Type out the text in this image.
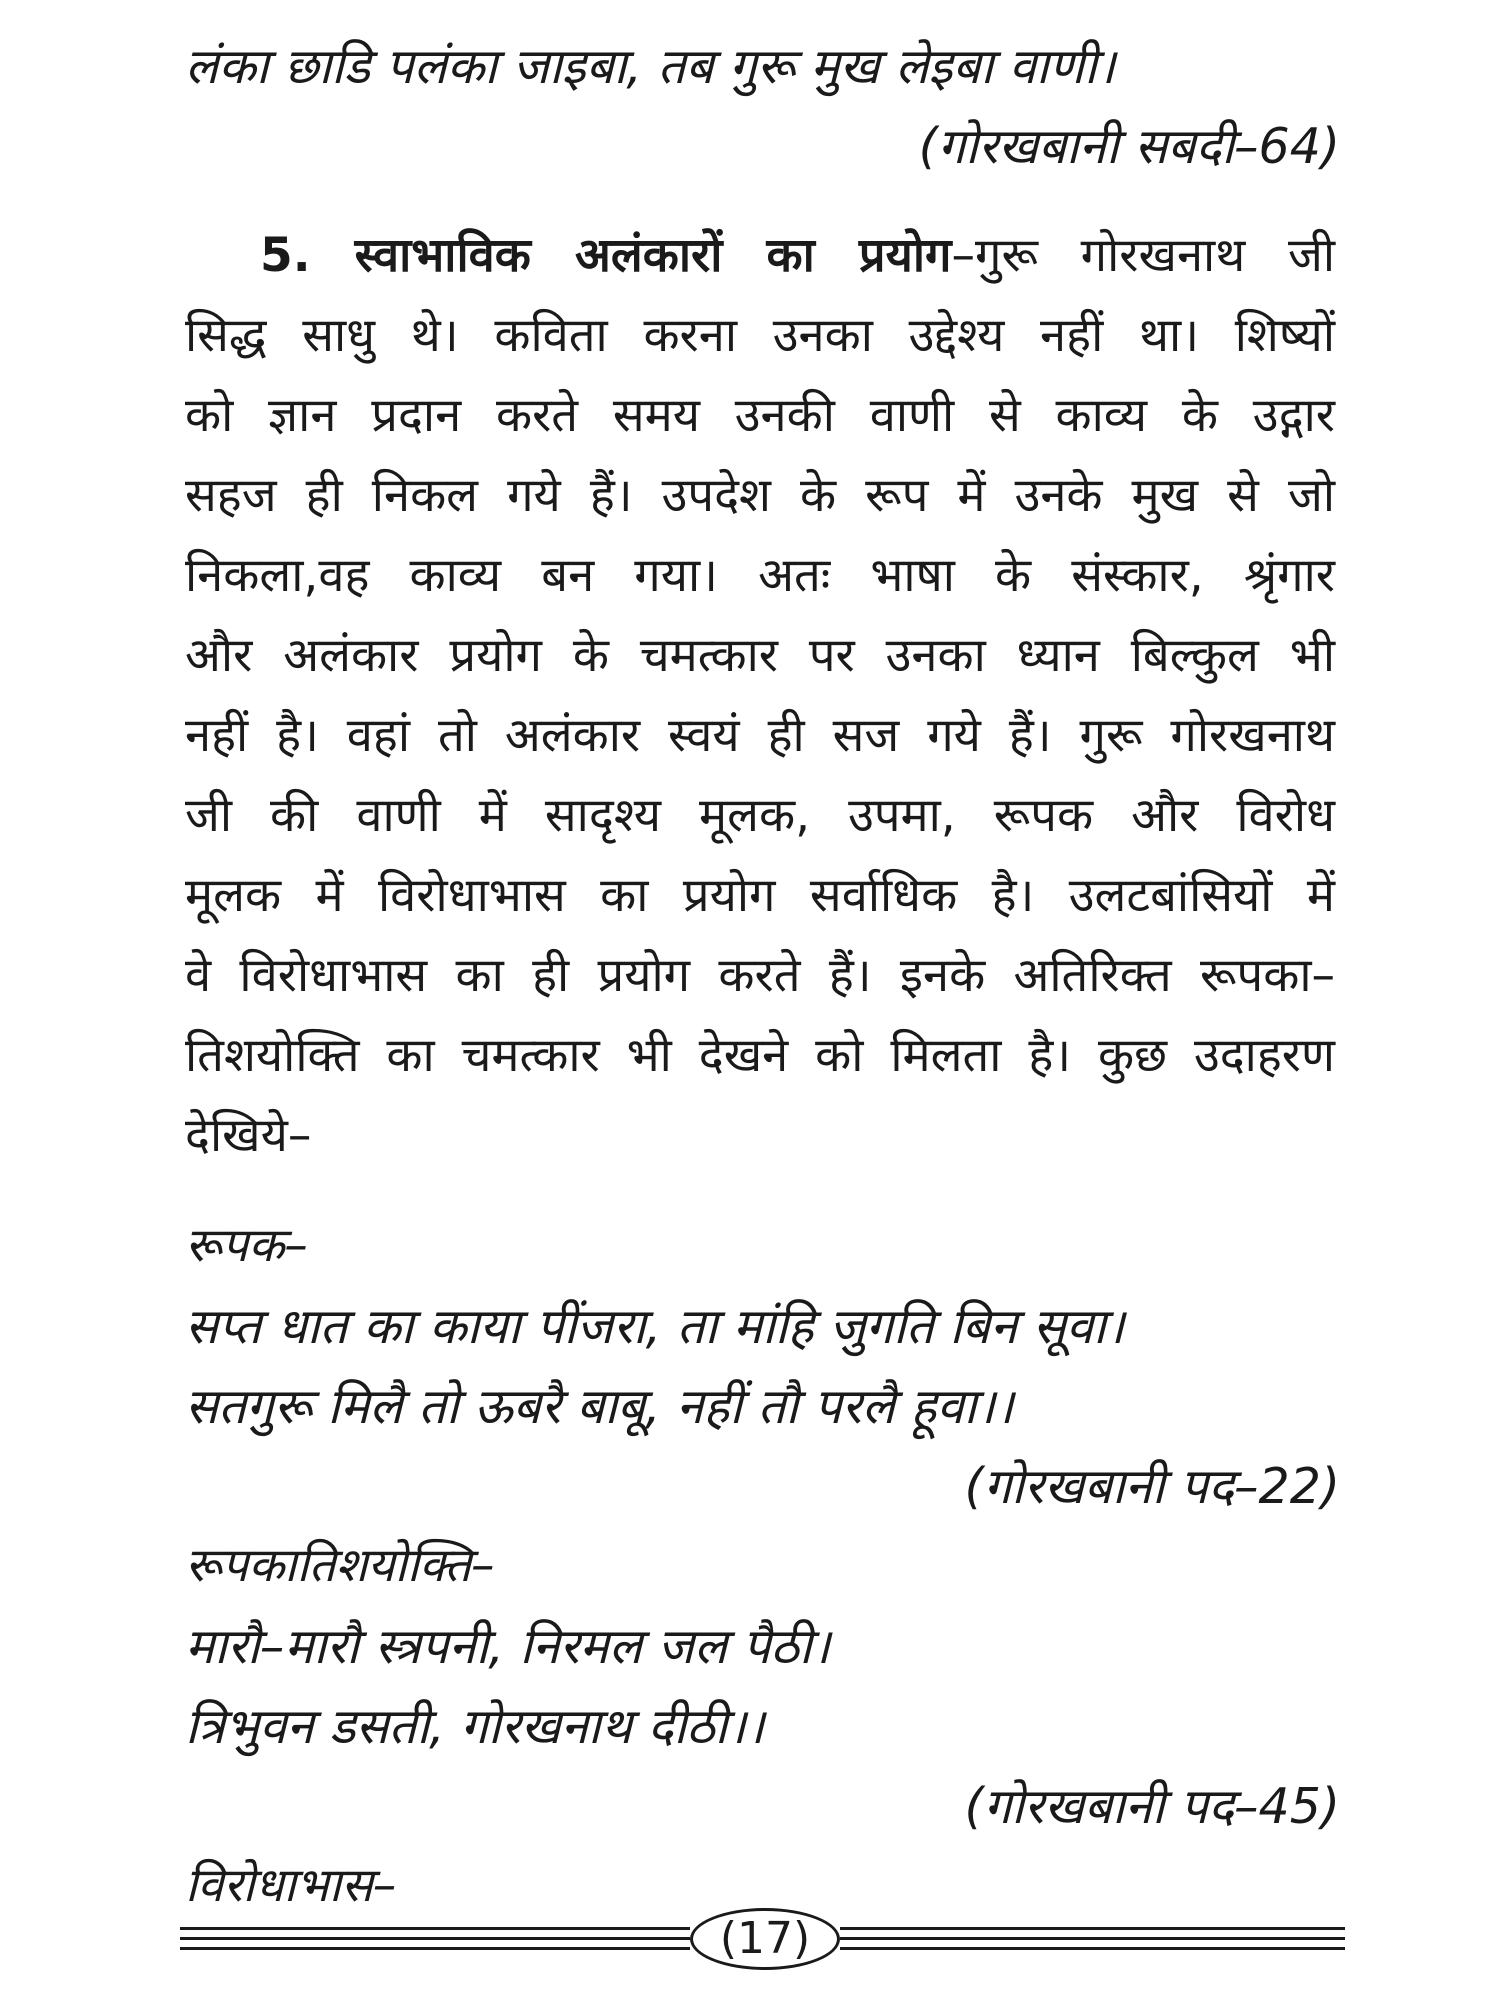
लंका छाडि पलंका जाइबा, तब गुरू मुख लेइबा वाणी।
(गोरखबानी सबदी–64)
5. स्वाभाविक अलंकारों का प्रयोग–गुरू गोरखनाथ जी
सिद्ध साधु थे। कविता करना उनका उद्देश्य नहीं था। शिष्यों
को ज्ञान प्रदान करते समय उनकी वाणी से काव्य के उद्गार
सहज ही निकल गये हैं। उपदेश के रूप में उनके मुख से जो
निकला,वह काव्य बन गया। अतः भाषा के संस्कार, श्रृंगार
और अलंकार प्रयोग के चमत्कार पर उनका ध्यान बिल्कुल भी
नहीं है। वहां तो अलंकार स्वयं ही सज गये हैं। गुरू गोरखनाथ
जी की वाणी में सादृश्य मूलक, उपमा, रूपक और विरोध
मूलक में विरोधाभास का प्रयोग सर्वाधिक है। उलटबांसियों में
वे विरोधाभास का ही प्रयोग करते हैं। इनके अतिरिक्त रूपका–
तिशयोक्ति का चमत्कार भी देखने को मिलता है। कुछ उदाहरण
देखिये–
रूपक–
सप्त धात का काया पींजरा, ता मांहि जुगति बिन सूवा।
सतगुरू मिलै तो ऊबरै बाबू, नहीं तौ परलै हूवा।।
(गोरखबानी पद–22)
रूपकातिशयोक्ति–
मारौ–मारौ स्त्रपनी, निरमल जल पैठी।
त्रिभुवन डसती, गोरखनाथ दीठी।।
(गोरखबानी पद–45)
विरोधाभास–
(17)
